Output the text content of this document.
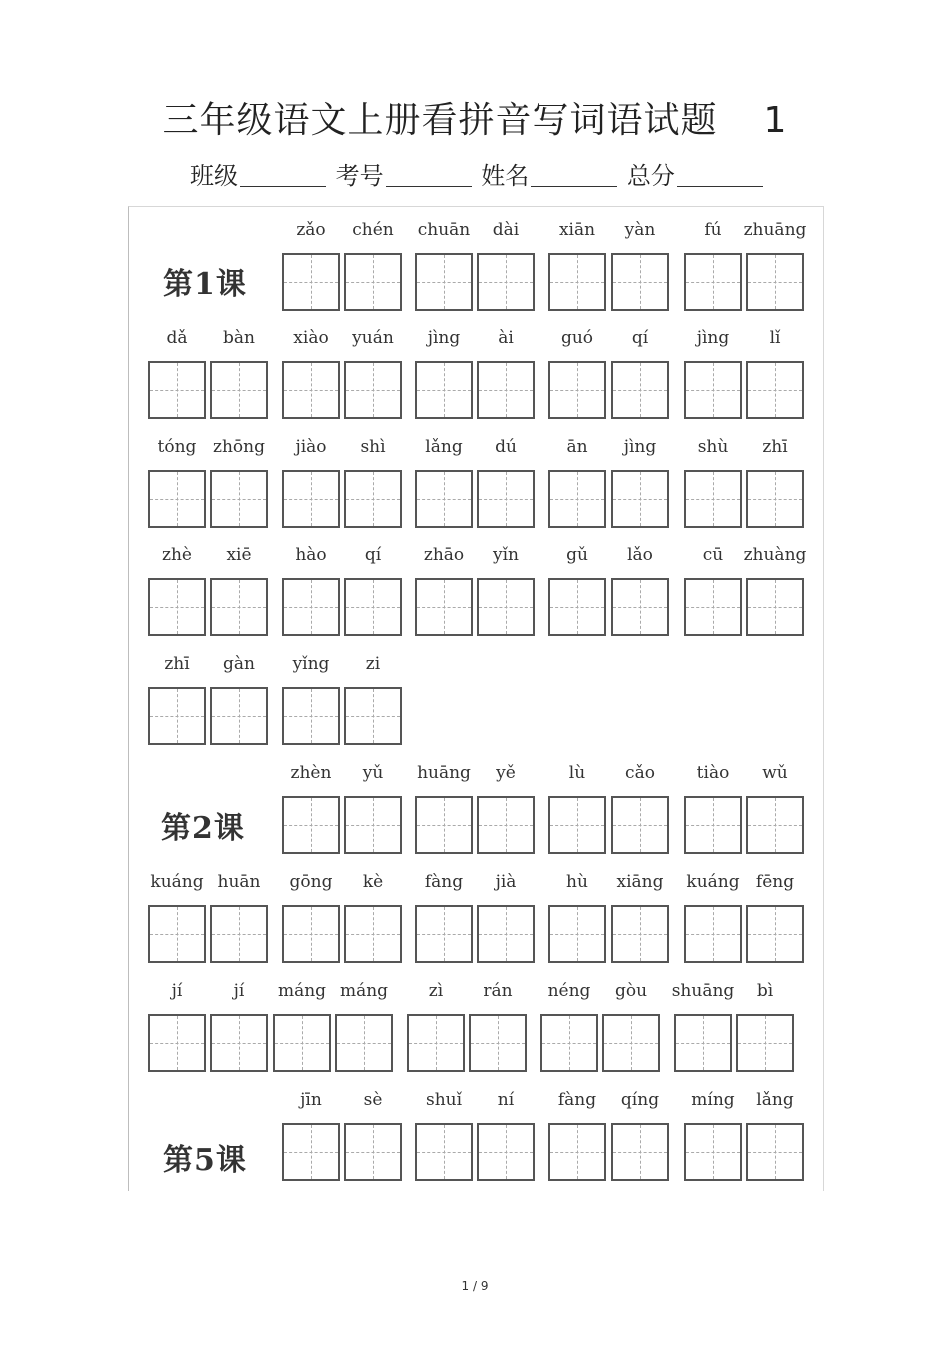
三年级语文上册看拼音写词语试题 1
班级	考号	姓名	总分
第1课
zǎo	chén	chuān	dài	xiān	yàn	fú	zhuāng
dǎ	bàn	xiào	yuán	jìng	ài	guó	qí	jìng	lǐ
tóng zhōng	jiào	shì	lǎng	dú	ān	jìng	shù	zhī
zhè	xiē	hào	qí	zhāo	yǐn	gǔ	lǎo	cū	zhuàng
zhī	gàn	yǐng	zi
第2课
zhèn	yǔ	huāng	yě	lù	cǎo	tiào	wǔ
kuáng huān	gōng	kè	fàng	jià	hù	xiāng	kuáng fēng
jí	jí	máng máng	zì	rán	néng	gòu	shuāng	bì
第5课
jīn	sè	shuǐ	ní	fàng	qíng	míng	lǎng
1 / 9
